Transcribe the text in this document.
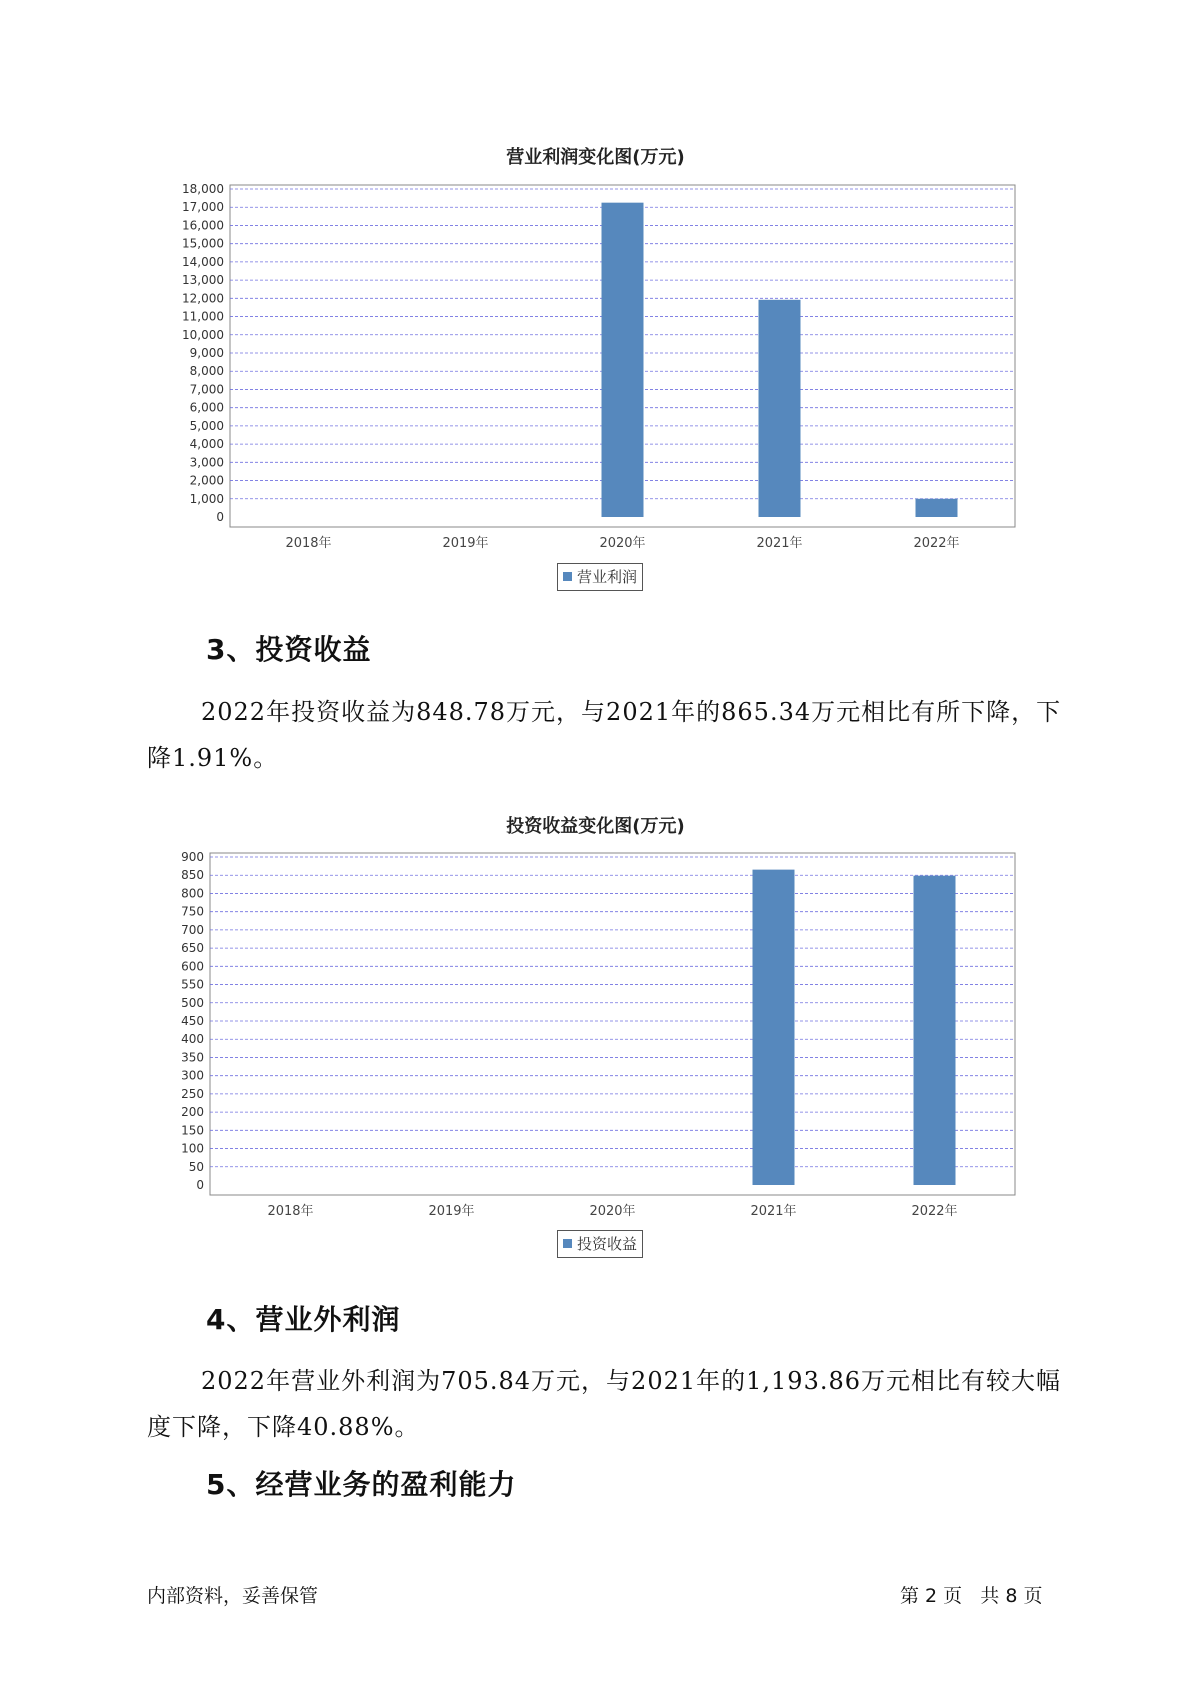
营业利润变化图(万元)
0
1,000
2,000
3,000
4,000
5,000
6,000
7,000
8,000
9,000
10,000
11,000
12,000
13,000
14,000
15,000
16,000
17,000
18,000
2018年	2019年	2020年	2021年	2022年
营业利润
3、投资收益
2022年投资收益为848.78万元，与2021年的865.34万元相比有所下降，下降1.91%。
投资收益变化图(万元)
0
50
100
150
200
250
300
350
400
450
500
550
600
650
700
750
800
850
900
2018年	2019年	2020年	2021年	2022年
投资收益
4、营业外利润
2022年营业外利润为705.84万元，与2021年的1,193.86万元相比有较大幅度下降，下降40.88%。
5、经营业务的盈利能力
内部资料，妥善保管	第 2 页   共 8 页
